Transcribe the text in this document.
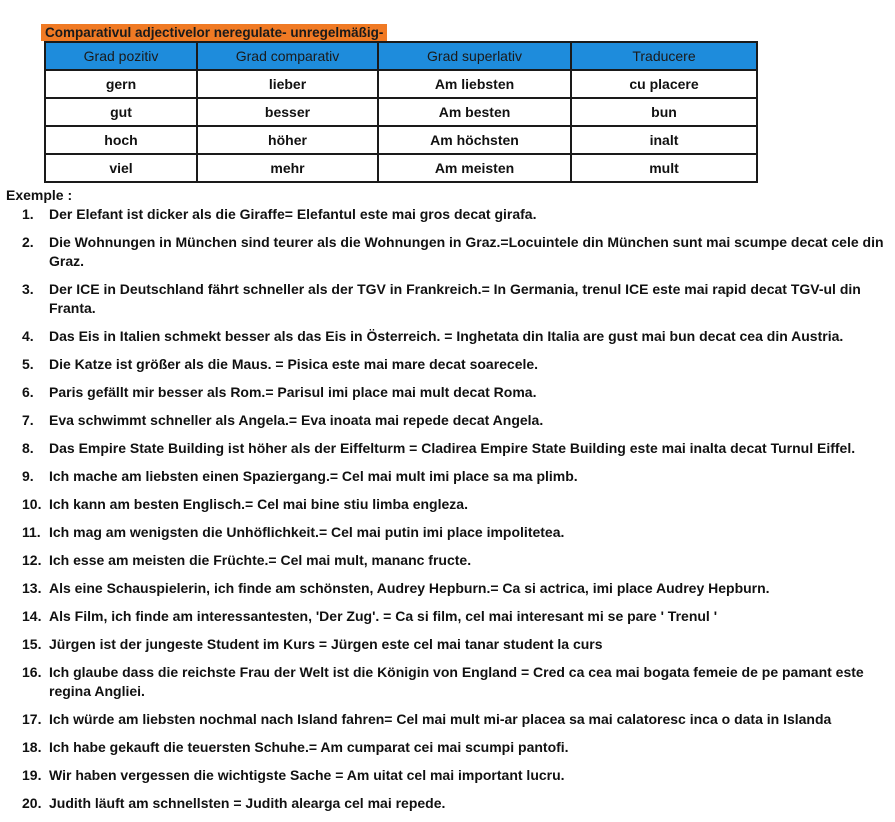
Comparativul adjectivelor neregulate- unregelmäßig-
Grad pozitiv	Grad comparativ	Grad superlativ	Traducere
gern	lieber	Am liebsten	cu placere
gut	besser	Am besten	bun
hoch	höher	Am höchsten	inalt
viel	mehr	Am meisten	mult
Exemple :
1.	Der Elefant ist dicker als die Giraffe= Elefantul este mai gros decat girafa.
2.	Die Wohnungen in München sind teurer als die Wohnungen in Graz.=Locuintele din München sunt mai scumpe decat cele din Graz.
3.	Der ICE in Deutschland fährt schneller als der TGV in Frankreich.= In Germania, trenul ICE este mai rapid decat TGV-ul din Franta.
4.	Das Eis in Italien schmekt besser als das Eis in Österreich. = Inghetata din Italia are gust mai bun decat cea din Austria.
5.	Die Katze ist größer als die Maus. = Pisica este mai mare decat soarecele.
6.	Paris gefällt mir besser als Rom.= Parisul imi place mai mult decat Roma.
7.	Eva schwimmt schneller als Angela.= Eva inoata mai repede decat Angela.
8.	Das Empire State Building ist höher als der Eiffelturm = Cladirea Empire State Building este mai inalta decat Turnul Eiffel.
9.	Ich mache am liebsten einen Spaziergang.= Cel mai mult imi place sa ma plimb.
10. Ich kann am besten Englisch.= Cel mai bine stiu limba engleza.
11. Ich mag am wenigsten die Unhöflichkeit.= Cel mai putin imi place impolitetea.
12. Ich esse am meisten die Früchte.= Cel mai mult, mananc fructe.
13. Als eine Schauspielerin, ich finde am schönsten, Audrey Hepburn.= Ca si actrica, imi place Audrey Hepburn.
14. Als Film, ich finde am interessantesten, 'Der Zug'. = Ca si film, cel mai interesant mi se pare ' Trenul '
15. Jürgen ist der jungeste Student im Kurs = Jürgen este cel mai tanar student la curs
16. Ich glaube dass die reichste Frau der Welt ist die Königin von England = Cred ca cea mai bogata femeie de pe pamant este regina Angliei.
17. Ich würde am liebsten nochmal nach Island fahren= Cel mai mult mi-ar placea sa mai calatoresc inca o data in Islanda
18. Ich habe gekauft die teuersten Schuhe.= Am cumparat cei mai scumpi pantofi.
19. Wir haben vergessen die wichtigste Sache = Am uitat cel mai important lucru.
20. Judith läuft am schnellsten = Judith alearga cel mai repede.
